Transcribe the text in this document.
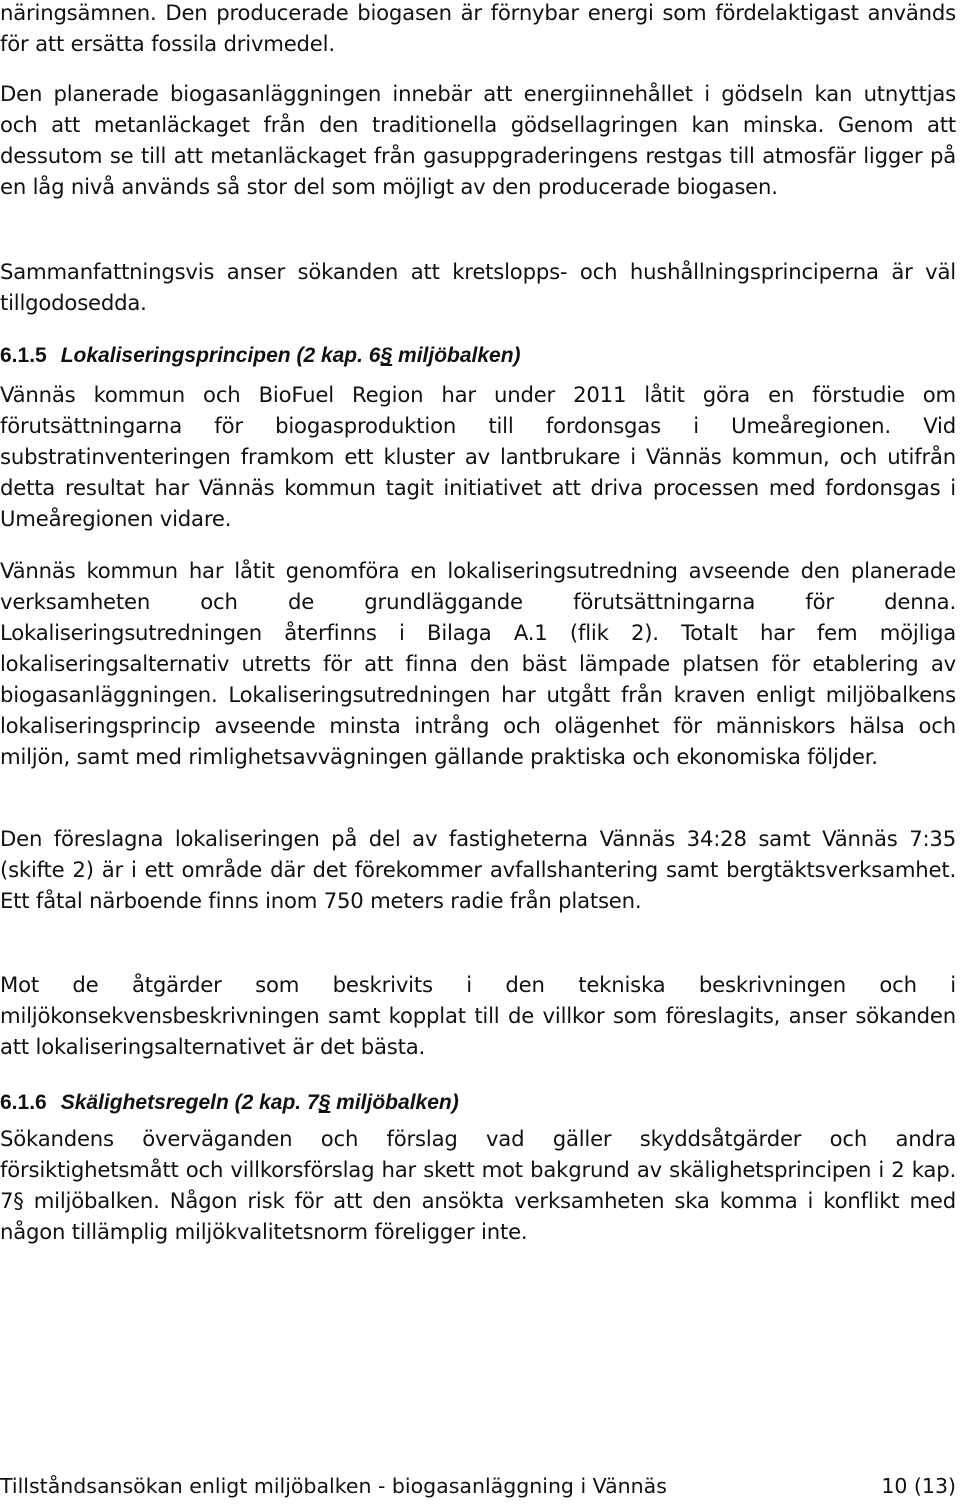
näringsämnen. Den producerade biogasen är förnybar energi som fördelaktigast används för att ersätta fossila drivmedel.

Den planerade biogasanläggningen innebär att energiinnehållet i gödseln kan utnyttjas och att metanläckaget från den traditionella gödsellagringen kan minska. Genom att dessutom se till att metanläckaget från gasuppgraderingens restgas till atmosfär ligger på en låg nivå används så stor del som möjligt av den producerade biogasen.

Sammanfattningsvis anser sökanden att kretslopps- och hushållningsprinciperna är väl tillgodosedda.

6.1.5 Lokaliseringsprincipen (2 kap. 6§ miljöbalken)

Vännäs kommun och BioFuel Region har under 2011 låtit göra en förstudie om förutsättningarna för biogasproduktion till fordonsgas i Umeåregionen. Vid substratinventeringen framkom ett kluster av lantbrukare i Vännäs kommun, och utifrån detta resultat har Vännäs kommun tagit initiativet att driva processen med fordonsgas i Umeåregionen vidare.

Vännäs kommun har låtit genomföra en lokaliseringsutredning avseende den planerade verksamheten och de grundläggande förutsättningarna för denna. Lokaliseringsutredningen återfinns i Bilaga A.1 (flik 2). Totalt har fem möjliga lokaliseringsalternativ utretts för att finna den bäst lämpade platsen för etablering av biogasanläggningen. Lokaliseringsutredningen har utgått från kraven enligt miljöbalkens lokaliseringsprincip avseende minsta intrång och olägenhet för människors hälsa och miljön, samt med rimlighetsavvägningen gällande praktiska och ekonomiska följder.

Den föreslagna lokaliseringen på del av fastigheterna Vännäs 34:28 samt Vännäs 7:35 (skifte 2) är i ett område där det förekommer avfallshantering samt bergtäktsverksamhet. Ett fåtal närboende finns inom 750 meters radie från platsen.

Mot de åtgärder som beskrivits i den tekniska beskrivningen och i miljökonsekvensbeskrivningen samt kopplat till de villkor som föreslagits, anser sökanden att lokaliseringsalternativet är det bästa.

6.1.6 Skälighetsregeln (2 kap. 7§ miljöbalken)

Sökandens överväganden och förslag vad gäller skyddsåtgärder och andra försiktighetsmått och villkorsförslag har skett mot bakgrund av skälighetsprincipen i 2 kap. 7§ miljöbalken. Någon risk för att den ansökta verksamheten ska komma i konflikt med någon tillämplig miljökvalitetsnorm föreligger inte.

Tillståndsansökan enligt miljöbalken - biogasanläggning i Vännäs	10 (13)
